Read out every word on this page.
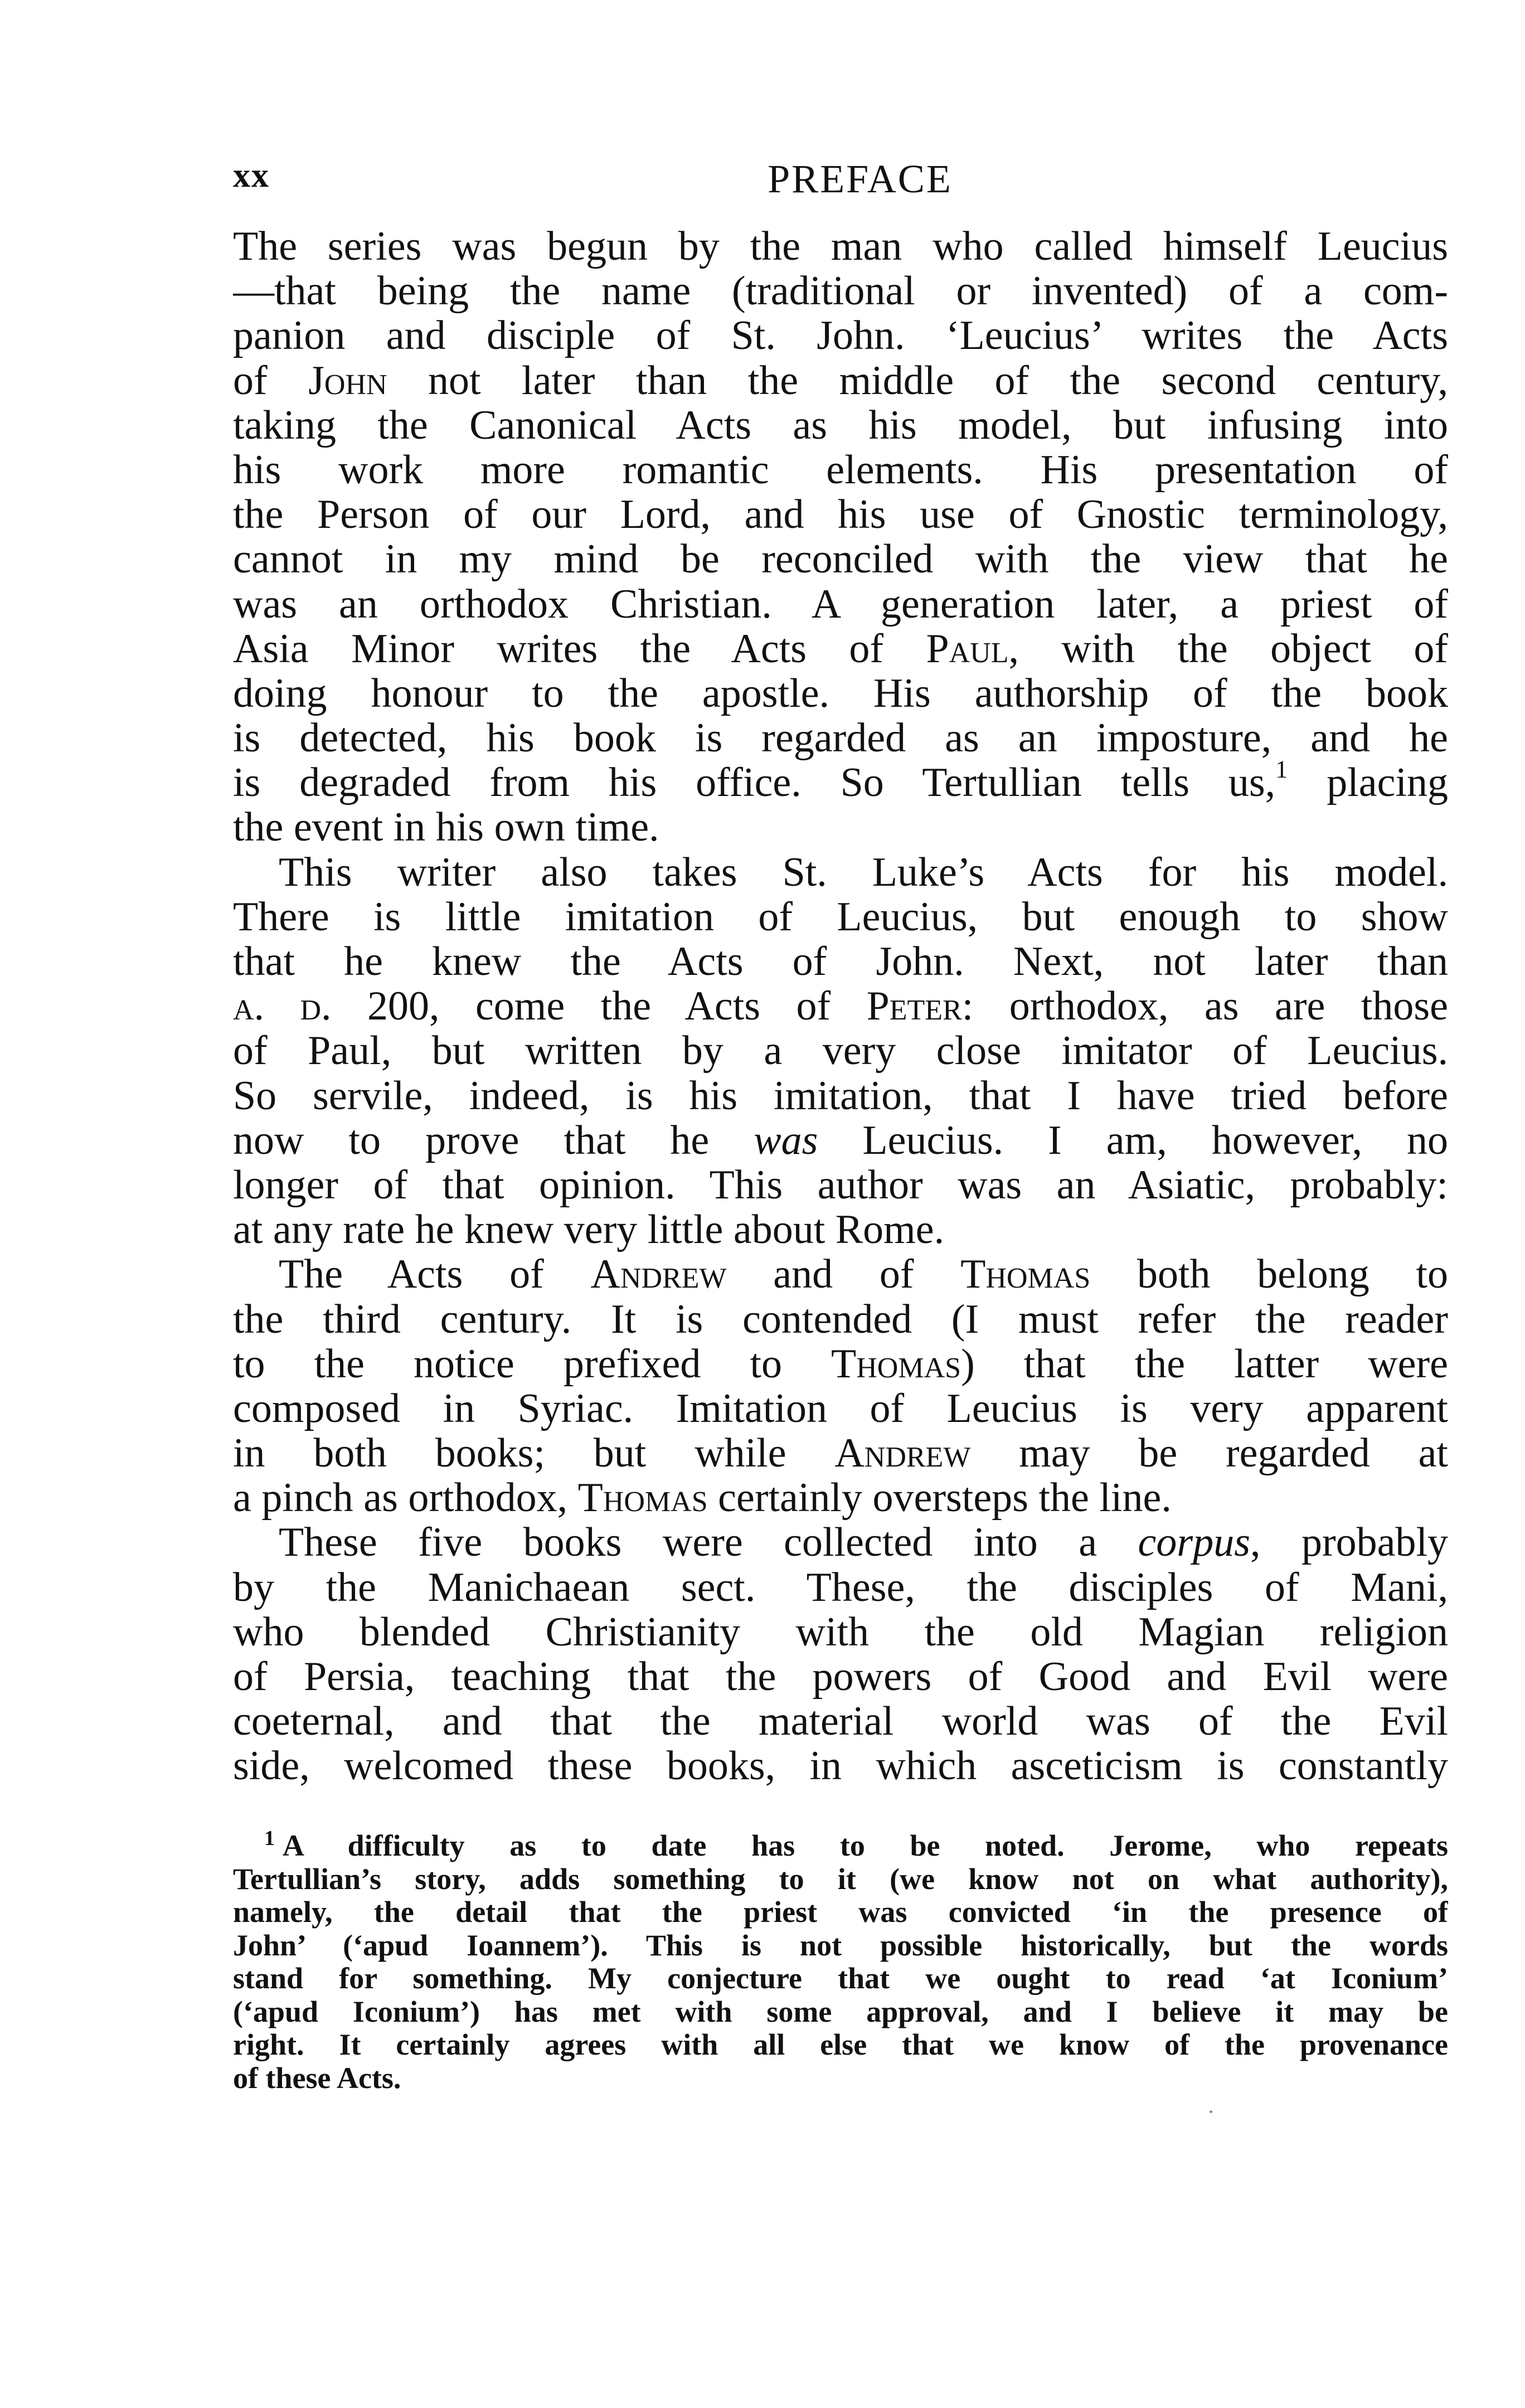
xx	PREFACE
The series was begun by the man who called himself Leucius
—that being the name (traditional or invented) of a com-
panion and disciple of St. John. ‘Leucius’ writes the Acts
of John not later than the middle of the second century,
taking the Canonical Acts as his model, but infusing into
his work more romantic elements. His presentation of
the Person of our Lord, and his use of Gnostic terminology,
cannot in my mind be reconciled with the view that he
was an orthodox Christian. A generation later, a priest of
Asia Minor writes the Acts of Paul, with the object of
doing honour to the apostle. His authorship of the book
is detected, his book is regarded as an imposture, and he
is degraded from his office. So Tertullian tells us,$^1$ placing
the event in his own time.
This writer also takes St. Luke’s Acts for his model.
There is little imitation of Leucius, but enough to show
that he knew the Acts of John. Next, not later than
a. d. 200, come the Acts of Peter: orthodox, as are those
of Paul, but written by a very close imitator of Leucius.
So servile, indeed, is his imitation, that I have tried before
now to prove that he was Leucius. I am, however, no
longer of that opinion. This author was an Asiatic, probably:
at any rate he knew very little about Rome.
The Acts of Andrew and of Thomas both belong to
the third century. It is contended (I must refer the reader
to the notice prefixed to Thomas) that the latter were
composed in Syriac. Imitation of Leucius is very apparent
in both books; but while Andrew may be regarded at
a pinch as orthodox, Thomas certainly oversteps the line.
These five books were collected into a corpus, probably
by the Manichaean sect. These, the disciples of Mani,
who blended Christianity with the old Magian religion
of Persia, teaching that the powers of Good and Evil were
coeternal, and that the material world was of the Evil
side, welcomed these books, in which asceticism is constantly
$^1$ A difficulty as to date has to be noted. Jerome, who repeats
Tertullian’s story, adds something to it (we know not on what authority),
namely, the detail that the priest was convicted ‘in the presence of
John’ (‘apud Ioannem’). This is not possible historically, but the words
stand for something. My conjecture that we ought to read ‘at Iconium’
(‘apud Iconium’) has met with some approval, and I believe it may be
right. It certainly agrees with all else that we know of the provenance
of these Acts.
